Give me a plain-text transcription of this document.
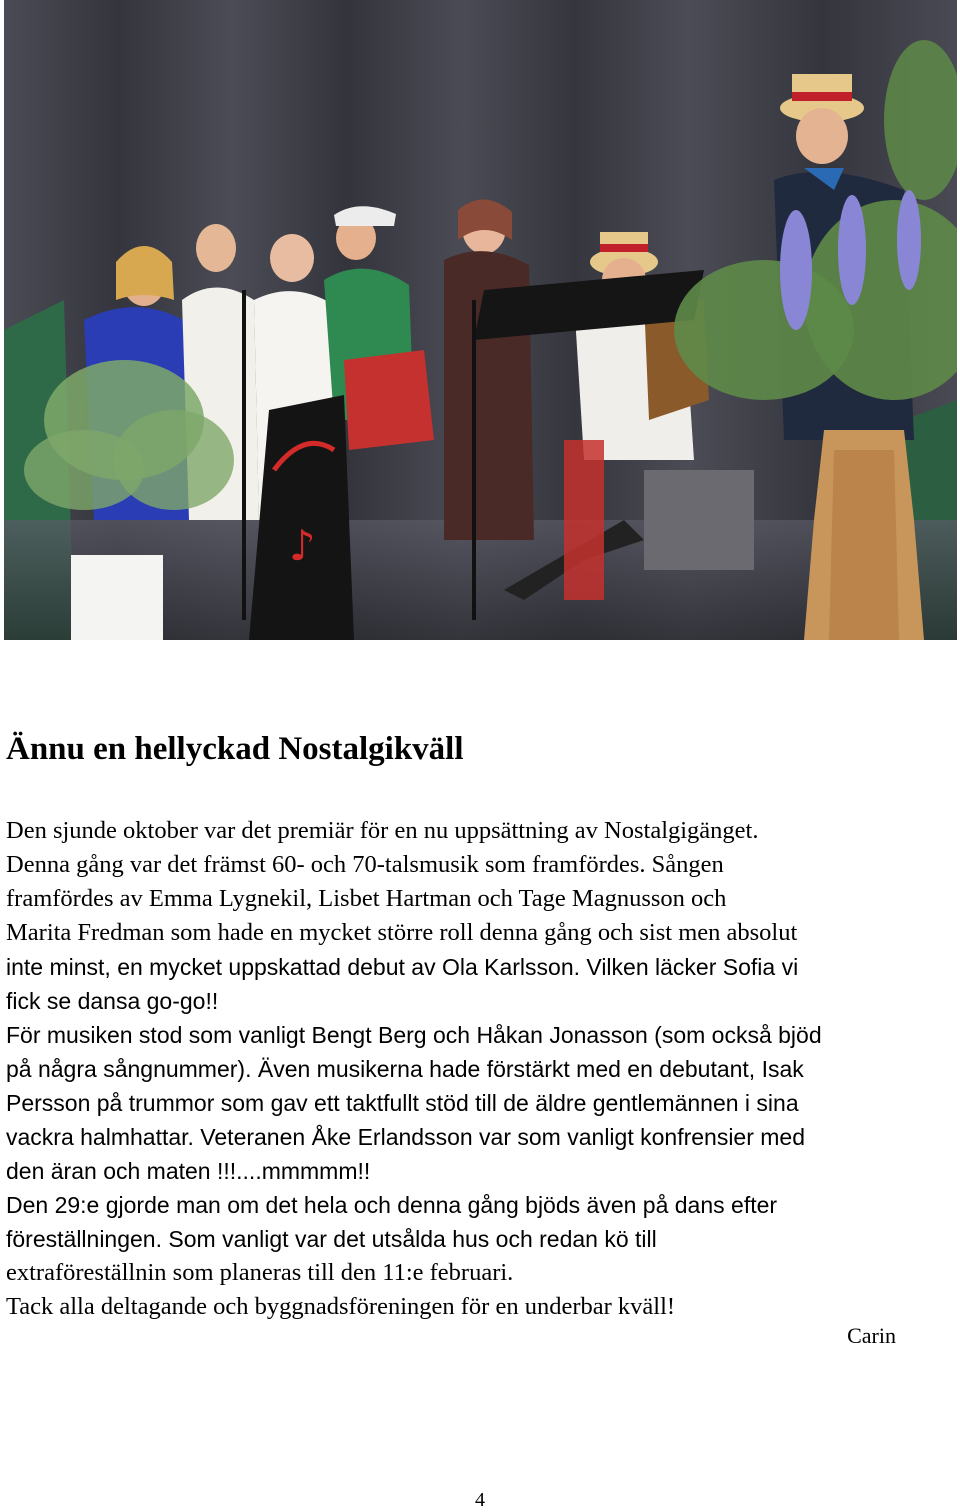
♪
Ännu en hellyckad Nostalgikväll
Den sjunde oktober var det premiär för en nu uppsättning av Nostalgigänget.
Denna gång var det främst 60- och 70-talsmusik som framfördes. Sången
framfördes av Emma Lygnekil, Lisbet Hartman och Tage Magnusson och
Marita Fredman som hade en mycket större roll denna gång och sist men absolut
inte minst, en mycket uppskattad debut av Ola Karlsson. Vilken läcker Sofia vi
fick se dansa go-go!!
För musiken stod som vanligt Bengt Berg och Håkan Jonasson (som också bjöd
på några sångnummer). Även musikerna hade förstärkt med en debutant, Isak
Persson på trummor som gav ett taktfullt stöd till de äldre gentlemännen i sina
vackra halmhattar. Veteranen Åke Erlandsson var som vanligt konfrensier med
den äran och maten !!!....mmmmm!!
Den 29:e gjorde man om det hela och denna gång bjöds även på dans efter
föreställningen. Som vanligt var det utsålda hus och redan kö till
extraföreställnin som planeras till den 11:e februari.
Tack alla deltagande och byggnadsföreningen för en underbar kväll!
Carin
4
